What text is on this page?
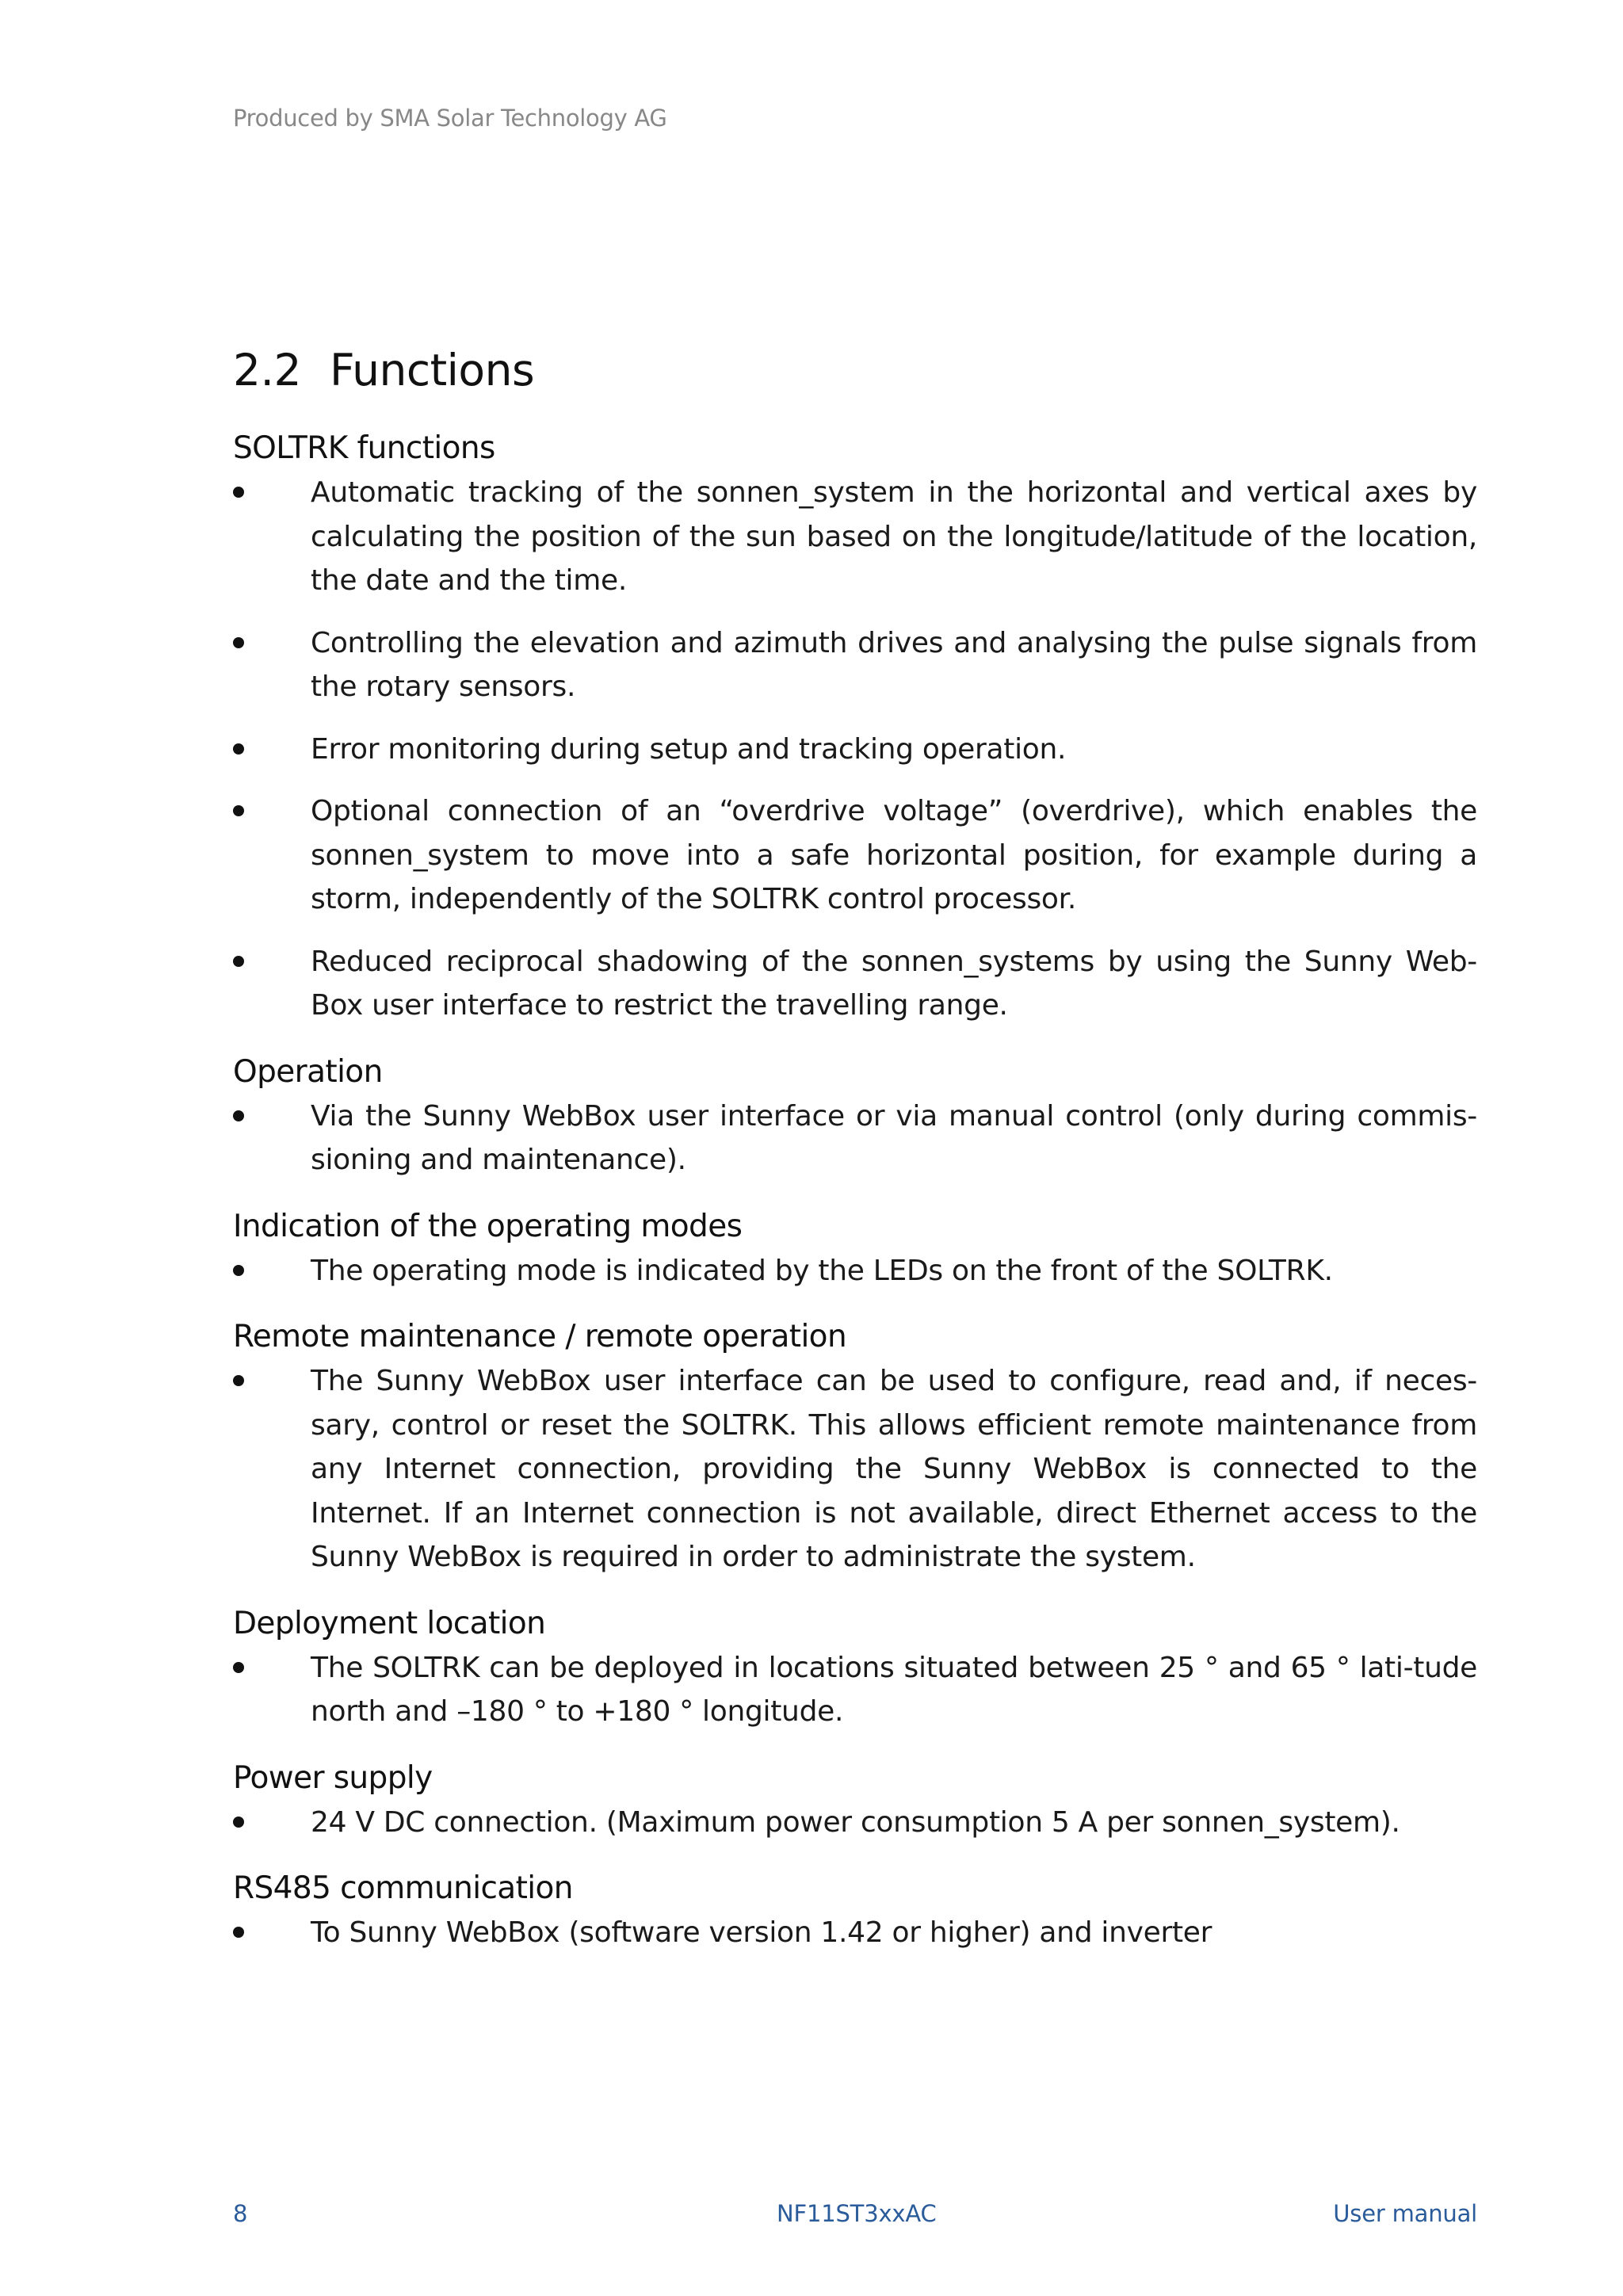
Produced by SMA Solar Technology AG
2.2 Functions
SOLTRK functions
Automatic tracking of the sonnen_system in the horizontal and vertical axes by calculating the position of the sun based on the longitude/latitude of the location, the date and the time.
Controlling the elevation and azimuth drives and analysing the pulse signals from the rotary sensors.
Error monitoring during setup and tracking operation.
Optional connection of an “overdrive voltage” (overdrive), which enables the sonnen_system to move into a safe horizontal position, for example during a storm, independently of the SOLTRK control processor.
Reduced reciprocal shadowing of the sonnen_systems by using the Sunny Web-Box user interface to restrict the travelling range.
Operation
Via the Sunny WebBox user interface or via manual control (only during commis-sioning and maintenance).
Indication of the operating modes
The operating mode is indicated by the LEDs on the front of the SOLTRK.
Remote maintenance / remote operation
The Sunny WebBox user interface can be used to configure, read and, if neces-sary, control or reset the SOLTRK. This allows efficient remote maintenance from any Internet connection, providing the Sunny WebBox is connected to the Internet. If an Internet connection is not available, direct Ethernet access to the Sunny WebBox is required in order to administrate the system.
Deployment location
The SOLTRK can be deployed in locations situated between 25 ° and 65 ° lati-tude north and –180 ° to +180 ° longitude.
Power supply
24 V DC connection. (Maximum power consumption 5 A per sonnen_system).
RS485 communication
To Sunny WebBox (software version 1.42 or higher) and inverter
8	NF11ST3xxAC	User manual
